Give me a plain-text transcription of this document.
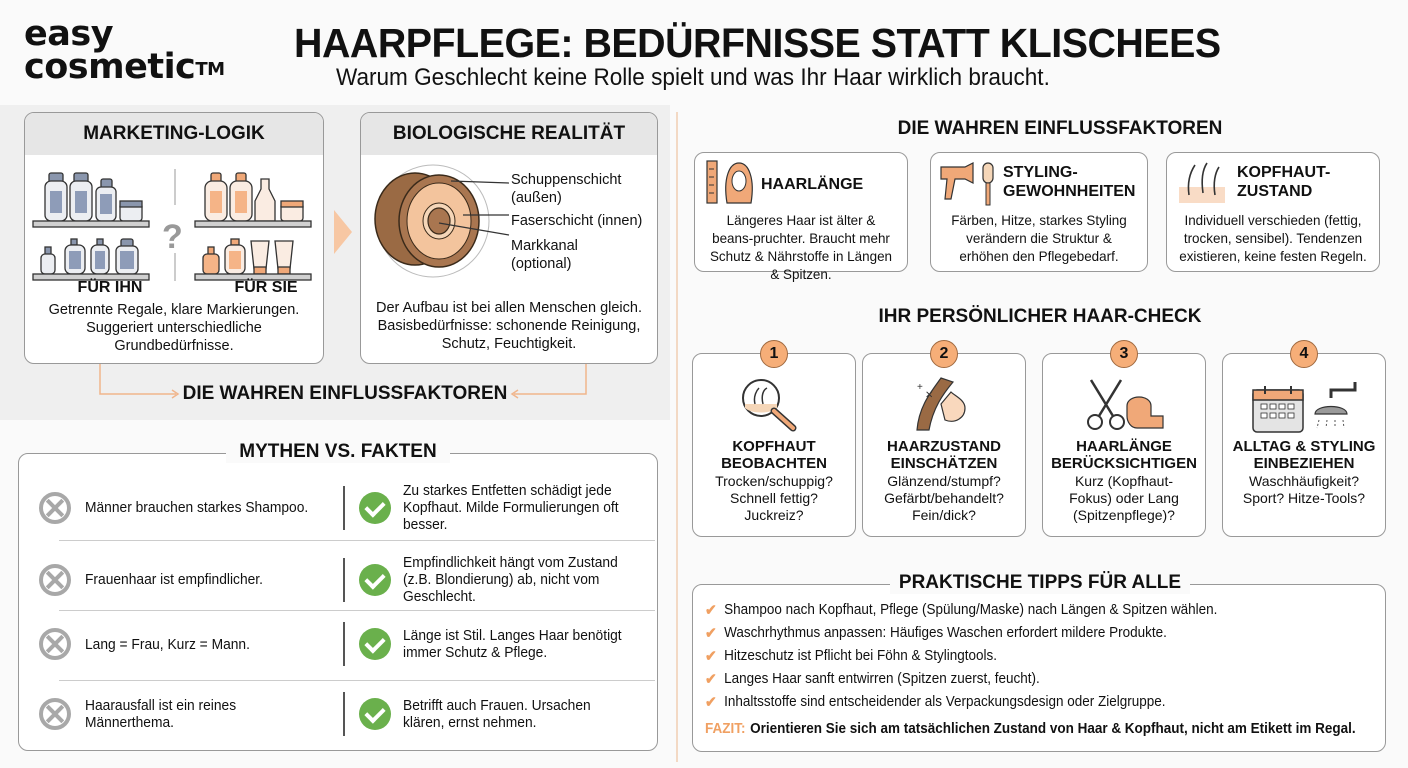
easy
cosmetic™
HAARPFLEGE: BEDÜRFNISSE STATT KLISCHEES
Warum Geschlecht keine Rolle spielt und was Ihr Haar wirklich braucht.
MARKETING-LOGIK
?
FÜR IHN	FÜR SIE
Getrennte Regale, klare Markierungen. Suggeriert unterschiedliche Grundbedürfnisse.
BIOLOGISCHE REALITÄT
Schuppenschicht (außen)
Faserschicht (innen)
Markkanal (optional)
Der Aufbau ist bei allen Menschen gleich. Basisbedürfnisse: schonende Reinigung, Schutz, Feuchtigkeit.
DIE WAHREN EINFLUSSFAKTOREN
Männer brauchen starkes Shampoo.
Zu starkes Entfetten schädigt jede Kopfhaut. Milde Formulierungen oft besser.
Frauenhaar ist empfindlicher.
Empfindlichkeit hängt vom Zustand (z.B. Blondierung) ab, nicht vom Geschlecht.
Lang = Frau, Kurz = Mann.	Länge ist Stil. Langes Haar benötigt immer Schutz & Pflege.
Haarausfall ist ein reines Männerthema.
Betrifft auch Frauen. Ursachen klären, ernst nehmen.
MYTHEN VS. FAKTEN
DIE WAHREN EINFLUSSFAKTOREN
HAARLÄNGE
Längeres Haar ist älter & beans-pruchter. Braucht mehr Schutz & Nährstoffe in Längen & Spitzen.
STYLING-GEWOHNHEITEN
Färben, Hitze, starkes Styling verändern die Struktur & erhöhen den Pflegebedarf.
KOPFHAUT-ZUSTAND
Individuell verschieden (fettig, trocken, sensibel). Tendenzen existieren, keine festen Regeln.
IHR PERSÖNLICHER HAAR-CHECK
1
KOPFHAUT BEOBACHTEN
Trocken/schuppig? Schnell fettig? Juckreiz?
2
+
✕
HAARZUSTAND EINSCHÄTZEN
Glänzend/stumpf? Gefärbt/behandelt? Fein/dick?
3
HAARLÄNGE BERÜCKSICHTIGEN
Kurz (Kopfhaut-Fokus) oder Lang (Spitzenpflege)?
4
ALLTAG & STYLING EINBEZIEHEN
Waschhäufigkeit? Sport? Hitze-Tools?
✔ Shampoo nach Kopfhaut, Pflege (Spülung/Maske) nach Längen & Spitzen wählen.
✔ Waschrhythmus anpassen: Häufiges Waschen erfordert mildere Produkte.
✔ Hitzeschutz ist Pflicht bei Föhn & Stylingtools.
✔ Langes Haar sanft entwirren (Spitzen zuerst, feucht).
✔ Inhaltsstoffe sind entscheidender als Verpackungsdesign oder Zielgruppe.
FAZIT: Orientieren Sie sich am tatsächlichen Zustand von Haar & Kopfhaut, nicht am Etikett im Regal.
PRAKTISCHE TIPPS FÜR ALLE
